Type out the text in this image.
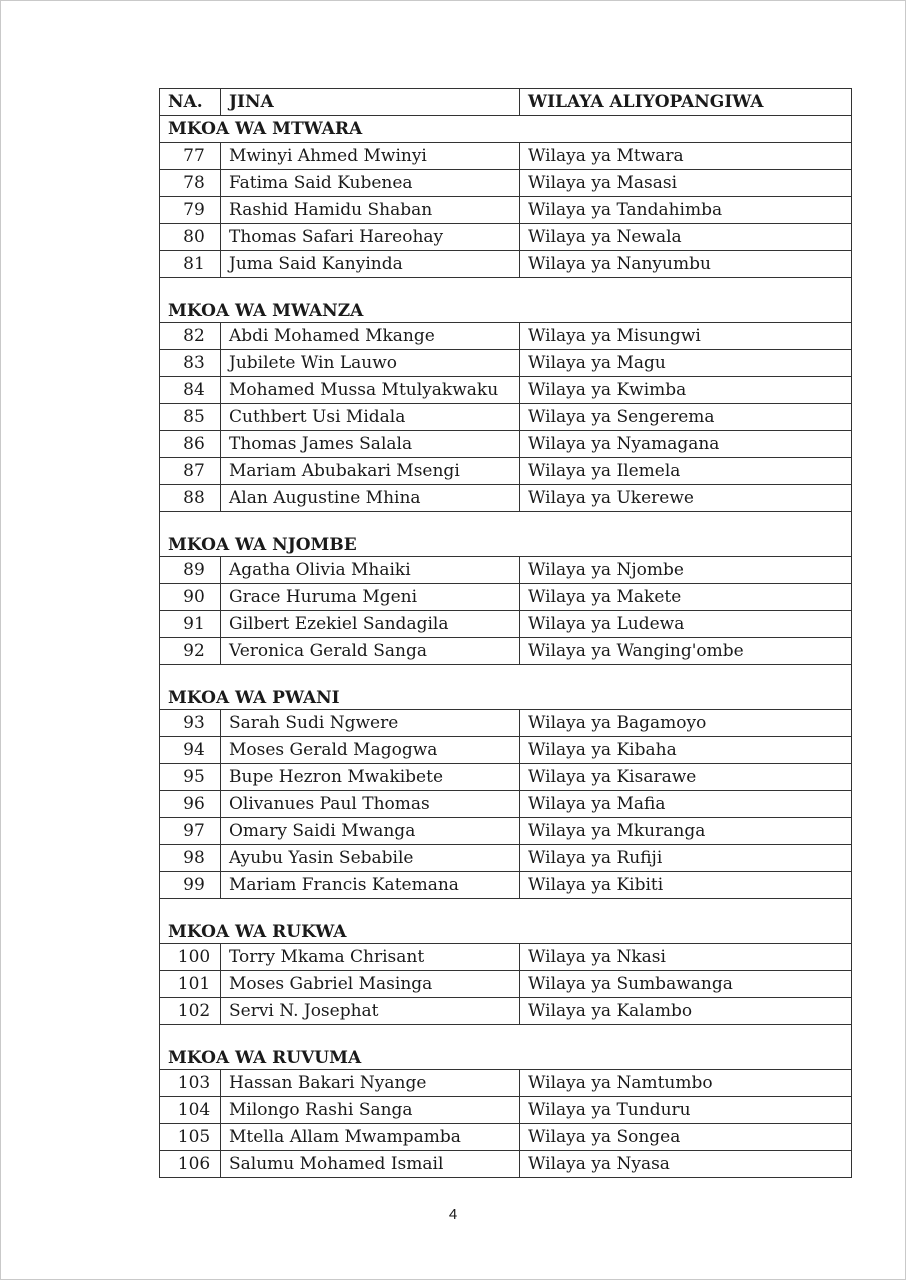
NA.	JINA	WILAYA ALIYOPANGIWA
MKOA WA MTWARA		
77	Mwinyi Ahmed Mwinyi	Wilaya ya Mtwara
78	Fatima Said Kubenea	Wilaya ya Masasi
79	Rashid Hamidu Shaban	Wilaya ya Tandahimba
80	Thomas Safari Hareohay	Wilaya ya Newala
81	Juma Said Kanyinda	Wilaya ya Nanyumbu
MKOA WA MWANZA		
82	Abdi Mohamed Mkange	Wilaya ya Misungwi
83	Jubilete Win Lauwo	Wilaya ya Magu
84	Mohamed Mussa Mtulyakwaku	Wilaya ya Kwimba
85	Cuthbert Usi Midala	Wilaya ya Sengerema
86	Thomas James Salala	Wilaya ya Nyamagana
87	Mariam Abubakari Msengi	Wilaya ya Ilemela
88	Alan Augustine Mhina	Wilaya ya Ukerewe
MKOA WA NJOMBE		
89	Agatha Olivia Mhaiki	Wilaya ya Njombe
90	Grace Huruma Mgeni	Wilaya ya Makete
91	Gilbert Ezekiel Sandagila	Wilaya ya Ludewa
92	Veronica Gerald Sanga	Wilaya ya Wanging'ombe
MKOA WA PWANI		
93	Sarah Sudi Ngwere	Wilaya ya Bagamoyo
94	Moses Gerald Magogwa	Wilaya ya Kibaha
95	Bupe Hezron Mwakibete	Wilaya ya Kisarawe
96	Olivanues Paul Thomas	Wilaya ya Mafia
97	Omary Saidi Mwanga	Wilaya ya Mkuranga
98	Ayubu Yasin Sebabile	Wilaya ya Rufiji
99	Mariam Francis Katemana	Wilaya ya Kibiti
MKOA WA RUKWA		
100	Torry Mkama Chrisant	Wilaya ya Nkasi
101	Moses Gabriel Masinga	Wilaya ya Sumbawanga
102	Servi N. Josephat	Wilaya ya Kalambo
MKOA WA RUVUMA		
103	Hassan Bakari Nyange	Wilaya ya Namtumbo
104	Milongo Rashi Sanga	Wilaya ya Tunduru
105	Mtella Allam Mwampamba	Wilaya ya Songea
106	Salumu Mohamed Ismail	Wilaya ya Nyasa
4
